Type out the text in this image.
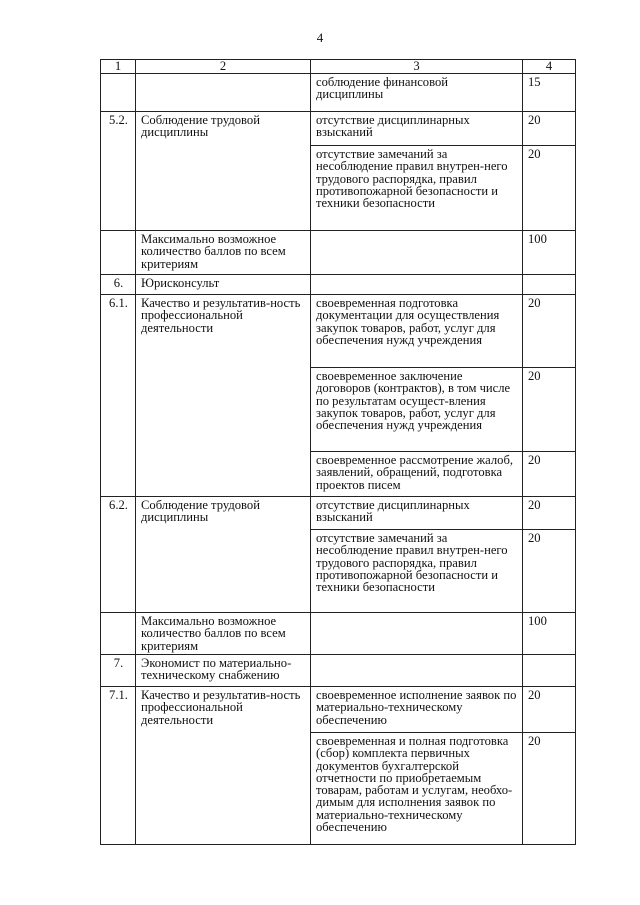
4
1	2	3	4
		соблюдение финансовой дисциплины	15
5.2.	Соблюдение трудовой дисциплины	отсутствие дисциплинарных взысканий	20
		отсутствие замечаний за несоблюдение правил внутрен-него трудового распорядка, правил противопожарной безопасности и техники безопасности	20
	Максимально возможное количество баллов по всем критериям		100
6.	Юрисконсульт		
6.1.	Качество и результатив-ность профессиональной деятельности	своевременная подготовка документации для осуществления закупок товаров, работ, услуг для обеспечения нужд учреждения	20
		своевременное заключение договоров (контрактов), в том числе по результатам осущест-вления закупок товаров, работ, услуг для обеспечения нужд учреждения	20
		своевременное рассмотрение жалоб, заявлений, обращений, подготовка проектов писем	20
6.2.	Соблюдение трудовой дисциплины	отсутствие дисциплинарных взысканий	20
		отсутствие замечаний за несоблюдение правил внутрен-него трудового распорядка, правил противопожарной безопасности и техники безопасности	20
	Максимально возможное количество баллов по всем критериям		100
7.	Экономист по материально-техническому снабжению		
7.1.	Качество и результатив-ность профессиональной деятельности	своевременное исполнение заявок по материально-техническому обеспечению	20
		своевременная и полная подготовка (сбор) комплекта первичных документов бухгалтерской отчетности по приобретаемым товарам, работам и услугам, необхо-димым для исполнения заявок по материально-техническому обеспечению	20
